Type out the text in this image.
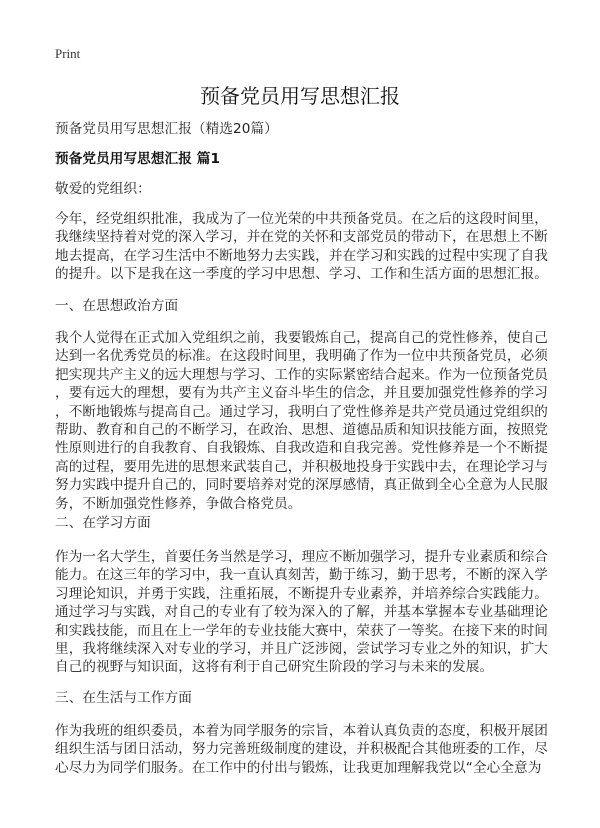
Print
预备党员用写思想汇报
预备党员用写思想汇报（精选20篇）
预备党员用写思想汇报 篇1
敬爱的党组织：
今年，经党组织批准，我成为了一位光荣的中共预备党员。在之后的这段时间里，
我继续坚持着对党的深入学习，并在党的关怀和支部党员的带动下，在思想上不断
地去提高，在学习生活中不断地努力去实践，并在学习和实践的过程中实现了自我
的提升。以下是我在这一季度的学习中思想、学习、工作和生活方面的思想汇报。
一、在思想政治方面
我个人觉得在正式加入党组织之前，我要锻炼自己，提高自己的党性修养，使自己
达到一名优秀党员的标准。在这段时间里，我明确了作为一位中共预备党员，必须
把实现共产主义的远大理想与学习、工作的实际紧密结合起来。作为一位预备党员
，要有远大的理想，要有为共产主义奋斗毕生的信念，并且要加强党性修养的学习
，不断地锻炼与提高自己。通过学习，我明白了党性修养是共产党员通过党组织的
帮助、教育和自己的不断学习，在政治、思想、道德品质和知识技能方面，按照党
性原则进行的自我教育、自我锻炼、自我改造和自我完善。党性修养是一个不断提
高的过程，要用先进的思想来武装自己，并积极地投身于实践中去，在理论学习与
努力实践中提升自己的，同时要培养对党的深厚感情，真正做到全心全意为人民服
务，不断加强党性修养，争做合格党员。
二、在学习方面
作为一名大学生，首要任务当然是学习，理应不断加强学习，提升专业素质和综合
能力。在这三年的学习中，我一直认真刻苦，勤于练习，勤于思考，不断的深入学
习理论知识，并勇于实践，注重拓展，不断提升专业素养，并培养综合实践能力。
通过学习与实践，对自己的专业有了较为深入的了解，并基本掌握本专业基础理论
和实践技能，而且在上一学年的专业技能大赛中，荣获了一等奖。在接下来的时间
里，我将继续深入对专业的学习，并且广泛涉阅，尝试学习专业之外的知识，扩大
自己的视野与知识面，这将有利于自己研究生阶段的学习与未来的发展。
三、在生活与工作方面
作为我班的组织委员，本着为同学服务的宗旨，本着认真负责的态度，积极开展团
组织生活与团日活动，努力完善班级制度的建设，并积极配合其他班委的工作，尽
心尽力为同学们服务。在工作中的付出与锻炼，让我更加理解我党以“全心全意为
